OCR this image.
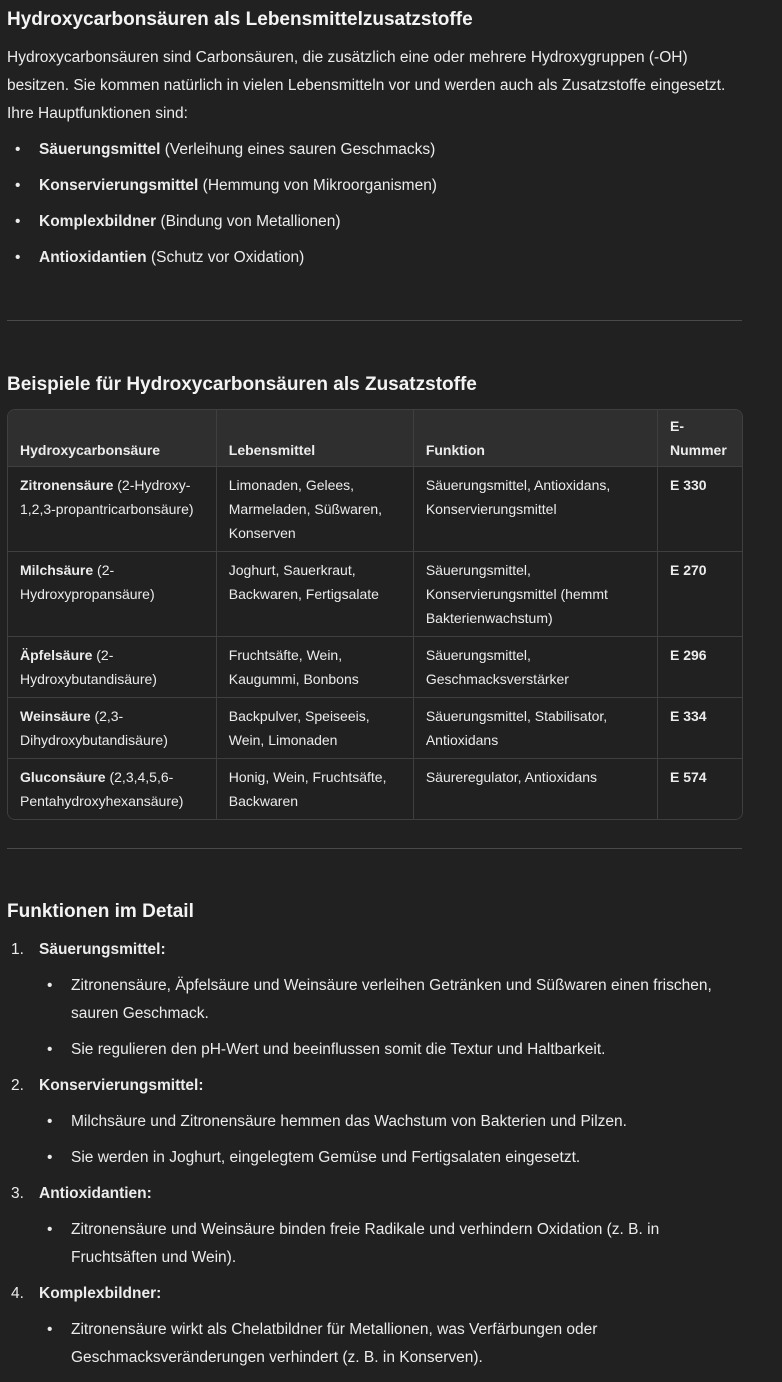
Hydroxycarbonsäuren als Lebensmittelzusatzstoffe

Hydroxycarbonsäuren sind Carbonsäuren, die zusätzlich eine oder mehrere Hydroxygruppen (-OH) besitzen. Sie kommen natürlich in vielen Lebensmitteln vor und werden auch als Zusatzstoffe eingesetzt. Ihre Hauptfunktionen sind:

• Säuerungsmittel (Verleihung eines sauren Geschmacks)
• Konservierungsmittel (Hemmung von Mikroorganismen)
• Komplexbildner (Bindung von Metallionen)
• Antioxidantien (Schutz vor Oxidation)
Beispiele für Hydroxycarbonsäuren als Zusatzstoffe
Hydroxycarbonsäure	Lebensmittel	Funktion	E-Nummer
Zitronensäure (2-Hydroxy-1,2,3-propantricarbonsäure)	Limonaden, Gelees, Marmeladen, Süßwaren, Konserven	Säuerungsmittel, Antioxidans, Konservierungsmittel	E 330
Milchsäure (2-Hydroxypropansäure)	Joghurt, Sauerkraut, Backwaren, Fertigsalate	Säuerungsmittel, Konservierungsmittel (hemmt Bakterienwachstum)	E 270
Äpfelsäure (2-Hydroxybutandisäure)	Fruchtsäfte, Wein, Kaugummi, Bonbons	Säuerungsmittel, Geschmacksverstärker	E 296
Weinsäure (2,3-Dihydroxybutandisäure)	Backpulver, Speiseeis, Wein, Limonaden	Säuerungsmittel, Stabilisator, Antioxidans	E 334
Gluconsäure (2,3,4,5,6-Pentahydroxyhexansäure)	Honig, Wein, Fruchtsäfte, Backwaren	Säureregulator, Antioxidans	E 574
Funktionen im Detail
1. Säuerungsmittel:
• Zitronensäure, Äpfelsäure und Weinsäure verleihen Getränken und Süßwaren einen frischen, sauren Geschmack.
• Sie regulieren den pH-Wert und beeinflussen somit die Textur und Haltbarkeit.
2. Konservierungsmittel:
• Milchsäure und Zitronensäure hemmen das Wachstum von Bakterien und Pilzen.
• Sie werden in Joghurt, eingelegtem Gemüse und Fertigsalaten eingesetzt.
3. Antioxidantien:
• Zitronensäure und Weinsäure binden freie Radikale und verhindern Oxidation (z. B. in Fruchtsäften und Wein).
4. Komplexbildner:
• Zitronensäure wirkt als Chelatbildner für Metallionen, was Verfärbungen oder Geschmacksveränderungen verhindert (z. B. in Konserven).
